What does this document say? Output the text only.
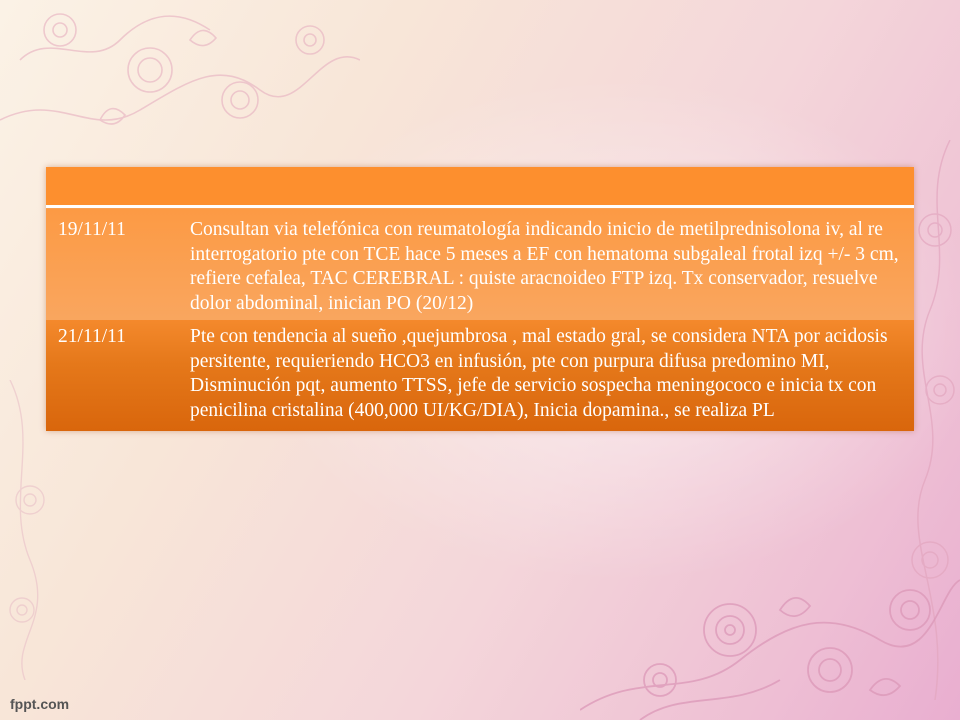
19/11/11	Consultan via telefónica con reumatología indicando inicio de metilprednisolona iv, al re interrogatorio pte con TCE hace 5 meses a EF con hematoma subgaleal frotal izq +/- 3 cm, refiere cefalea, TAC CEREBRAL : quiste aracnoideo FTP izq. Tx conservador, resuelve dolor abdominal, inician PO (20/12)
21/11/11	Pte con tendencia al sueño ,quejumbrosa , mal estado gral, se considera NTA por acidosis persitente, requieriendo HCO3 en infusión, pte con purpura difusa predomino MI, Disminución pqt, aumento TTSS, jefe de servicio sospecha meningococo e inicia tx con penicilina cristalina (400,000 UI/KG/DIA), Inicia dopamina., se realiza PL
fppt.com
